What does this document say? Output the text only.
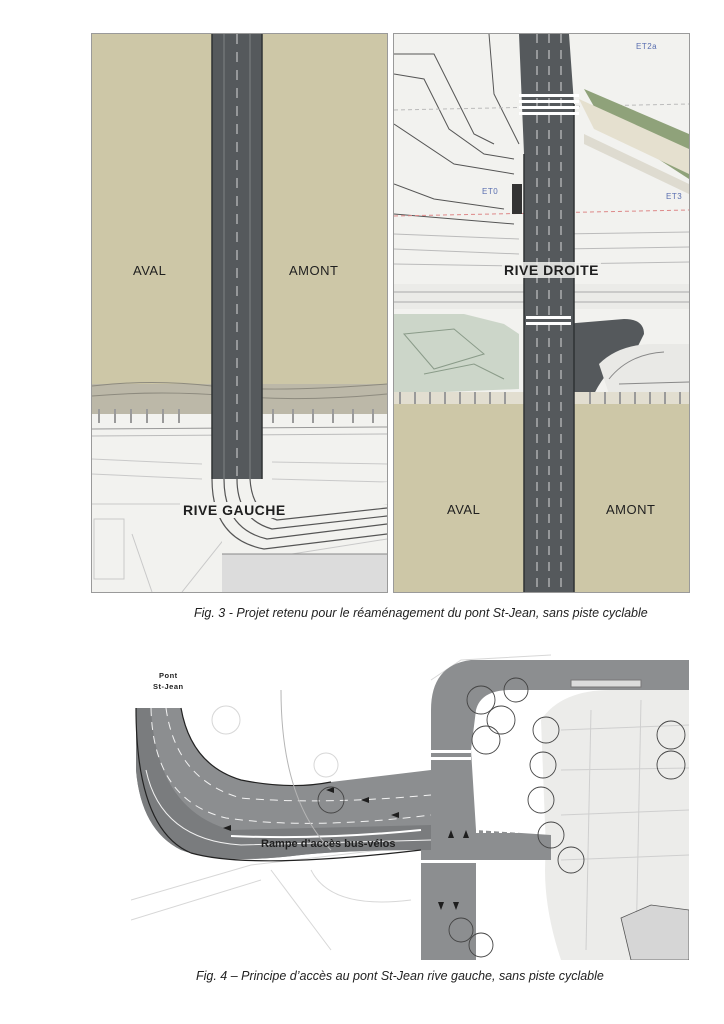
AVAL	AMONT
RIVE GAUCHE
ET0
ET2a
ET3
RIVE DROITE
AVAL	AMONT
Fig. 3 - Projet retenu pour le réaménagement du pont St-Jean, sans piste cyclable
Pont
St-Jean
Rampe d’accès bus-vélos
Fig. 4 – Principe d’accès au pont St-Jean rive gauche, sans piste cyclable
